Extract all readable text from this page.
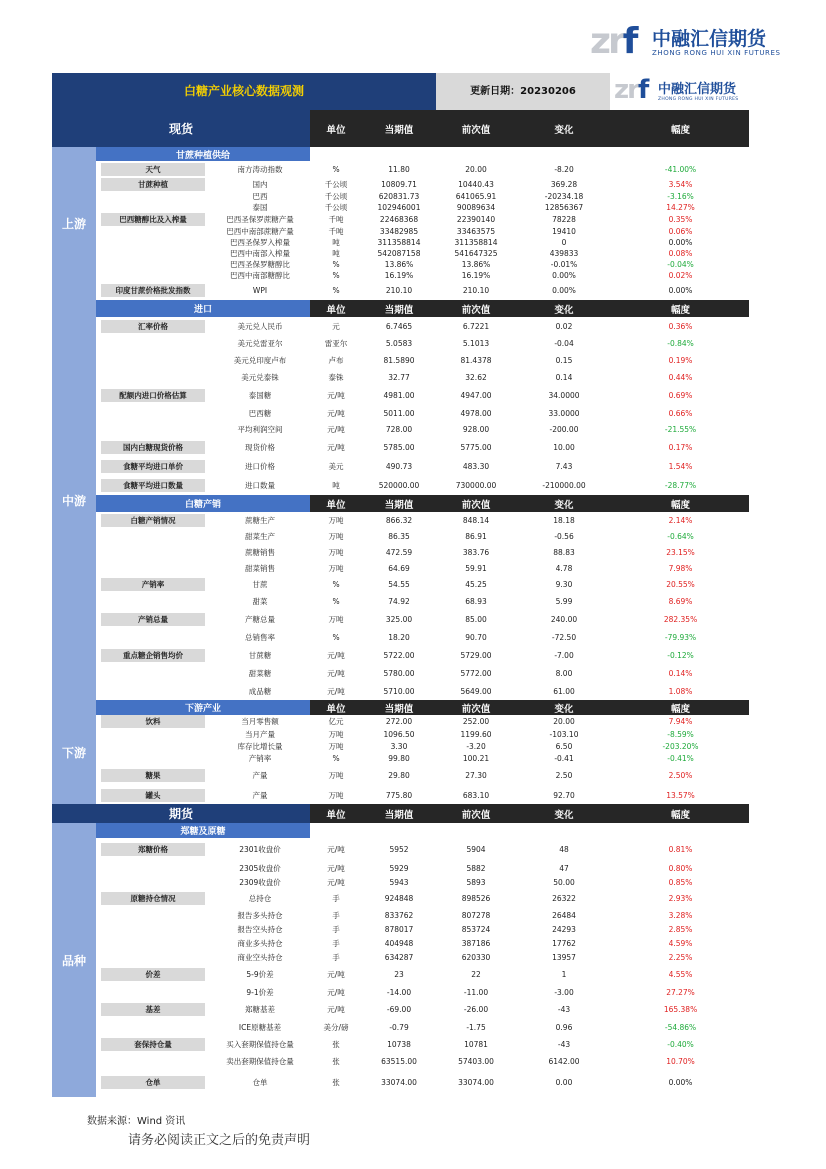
zrf 中融汇信期货
ZHONG RONG HUI XIN FUTURES
白糖产业核心数据观测	更新日期：20230206	zrf 中融汇信期货
ZHONG RONG HUI XIN FUTURES
现货			单位	当期值	前次值	变化	幅度
上游	甘蔗种植供给						
	天气	南方涛动指数	%	11.80	20.00	-8.20	-41.00%
	甘蔗种植	国内	千公顷	10809.71	10440.43	369.28	3.54%
		巴西	千公顷	620831.73	641065.91	-20234.18	-3.16%
		泰国	千公顷	102946001	90089634	12856367	14.27%
	巴西糖醇比及入榨量	巴西圣保罗蔗糖产量	千吨	22468368	22390140	78228	0.35%
		巴西中南部蔗糖产量	千吨	33482985	33463575	19410	0.06%
		巴西圣保罗入榨量	吨	311358814	311358814	0	0.00%
		巴西中南部入榨量	吨	542087158	541647325	439833	0.08%
		巴西圣保罗糖醇比	%	13.86%	13.86%	-0.01%	-0.04%
		巴西中南部糖醇比	%	16.19%	16.19%	0.00%	0.02%
	印度甘蔗价格批发指数	WPI	%	210.10	210.10	0.00%	0.00%
中游	进口		单位	当期值	前次值	变化	幅度
	汇率价格	美元兑人民币	元	6.7465	6.7221	0.02	0.36%
		美元兑雷亚尔	雷亚尔	5.0583	5.1013	-0.04	-0.84%
		美元兑印度卢布	卢布	81.5890	81.4378	0.15	0.19%
		美元兑泰铢	泰铢	32.77	32.62	0.14	0.44%
	配额内进口价格估算	泰国糖	元/吨	4981.00	4947.00	34.0000	0.69%
		巴西糖	元/吨	5011.00	4978.00	33.0000	0.66%
		平均利润空间	元/吨	728.00	928.00	-200.00	-21.55%
	国内白糖现货价格	现货价格	元/吨	5785.00	5775.00	10.00	0.17%
	食糖平均进口单价	进口价格	美元	490.73	483.30	7.43	1.54%
	食糖平均进口数量	进口数量	吨	520000.00	730000.00	-210000.00	-28.77%
	白糖产销		单位	当期值	前次值	变化	幅度
	白糖产销情况	蔗糖生产	万吨	866.32	848.14	18.18	2.14%
		甜菜生产	万吨	86.35	86.91	-0.56	-0.64%
		蔗糖销售	万吨	472.59	383.76	88.83	23.15%
		甜菜销售	万吨	64.69	59.91	4.78	7.98%
	产销率	甘蔗	%	54.55	45.25	9.30	20.55%
		甜菜	%	74.92	68.93	5.99	8.69%
	产销总量	产糖总量	万吨	325.00	85.00	240.00	282.35%
		总销售率	%	18.20	90.70	-72.50	-79.93%
	重点糖企销售均价	甘蔗糖	元/吨	5722.00	5729.00	-7.00	-0.12%
		甜菜糖	元/吨	5780.00	5772.00	8.00	0.14%
		成品糖	元/吨	5710.00	5649.00	61.00	1.08%
下游	下游产业		单位	当期值	前次值	变化	幅度
	饮料	当月零售额	亿元	272.00	252.00	20.00	7.94%
		当月产量	万吨	1096.50	1199.60	-103.10	-8.59%
		库存比增长量	万吨	3.30	-3.20	6.50	-203.20%
		产销率	%	99.80	100.21	-0.41	-0.41%
	糖果	产量	万吨	29.80	27.30	2.50	2.50%
	罐头	产量	万吨	775.80	683.10	92.70	13.57%
期货			单位	当期值	前次值	变化	幅度
品种	郑糖及原糖						
	郑糖价格	2301收盘价	元/吨	5952	5904	48	0.81%
		2305收盘价	元/吨	5929	5882	47	0.80%
		2309收盘价	元/吨	5943	5893	50.00	0.85%
	原糖持仓情况	总持仓	手	924848	898526	26322	2.93%
		报告多头持仓	手	833762	807278	26484	3.28%
		报告空头持仓	手	878017	853724	24293	2.85%
		商业多头持仓	手	404948	387186	17762	4.59%
		商业空头持仓	手	634287	620330	13957	2.25%
	价差	5-9价差	元/吨	23	22	1	4.55%
		9-1价差	元/吨	-14.00	-11.00	-3.00	27.27%
	基差	郑糖基差	元/吨	-69.00	-26.00	-43	165.38%
		ICE原糖基差	美分/磅	-0.79	-1.75	0.96	-54.86%
	套保持仓量	买入套期保值持仓量	张	10738	10781	-43	-0.40%
		卖出套期保值持仓量	张	63515.00	57403.00	6142.00	10.70%
	仓单	仓单	张	33074.00	33074.00	0.00	0.00%
数据来源：Wind 资讯
请务必阅读正文之后的免责声明
